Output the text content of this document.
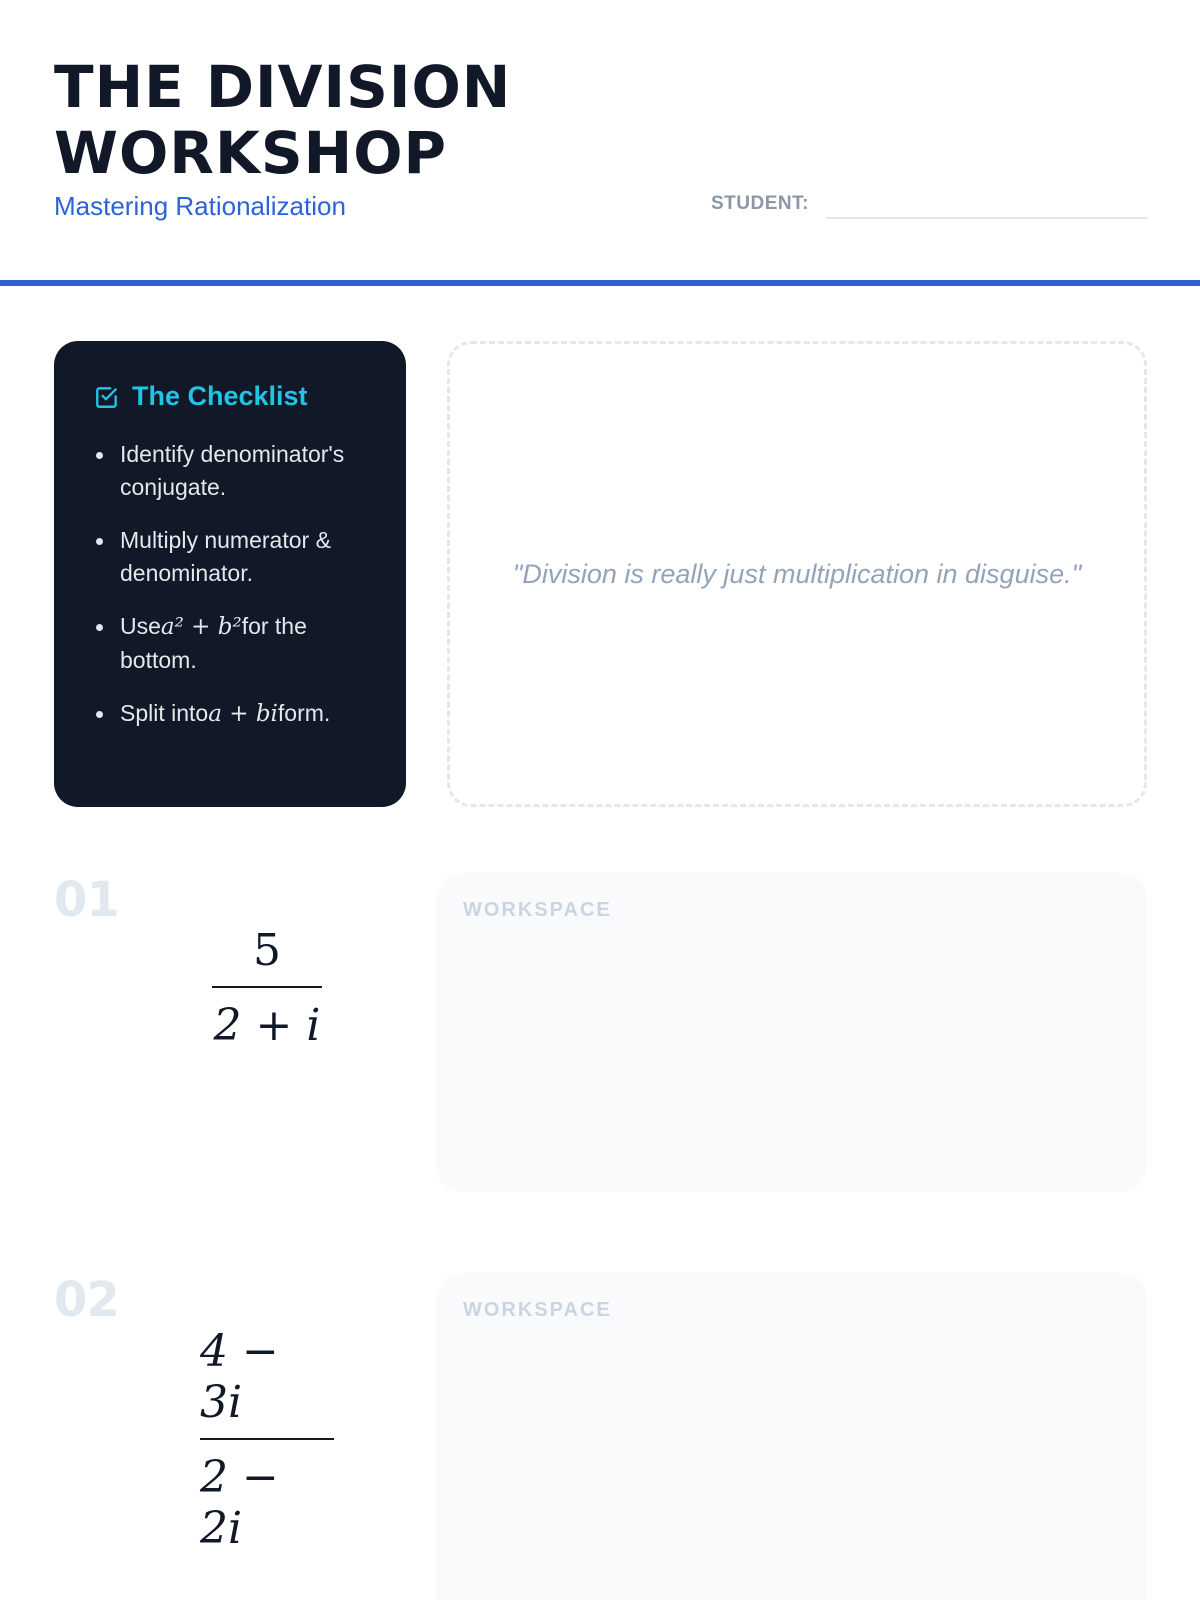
THE DIVISION
WORKSHOP
Mastering Rationalization	STUDENT:
The Checklist
Identify denominator's conjugate.
Multiply numerator & denominator.
Usea² + b²for the bottom.
Split intoa + biform.
"Division is really just multiplication in disguise."
01
5
2 + i
WORKSPACE
02
4 − 3i
2 − 2i
WORKSPACE
